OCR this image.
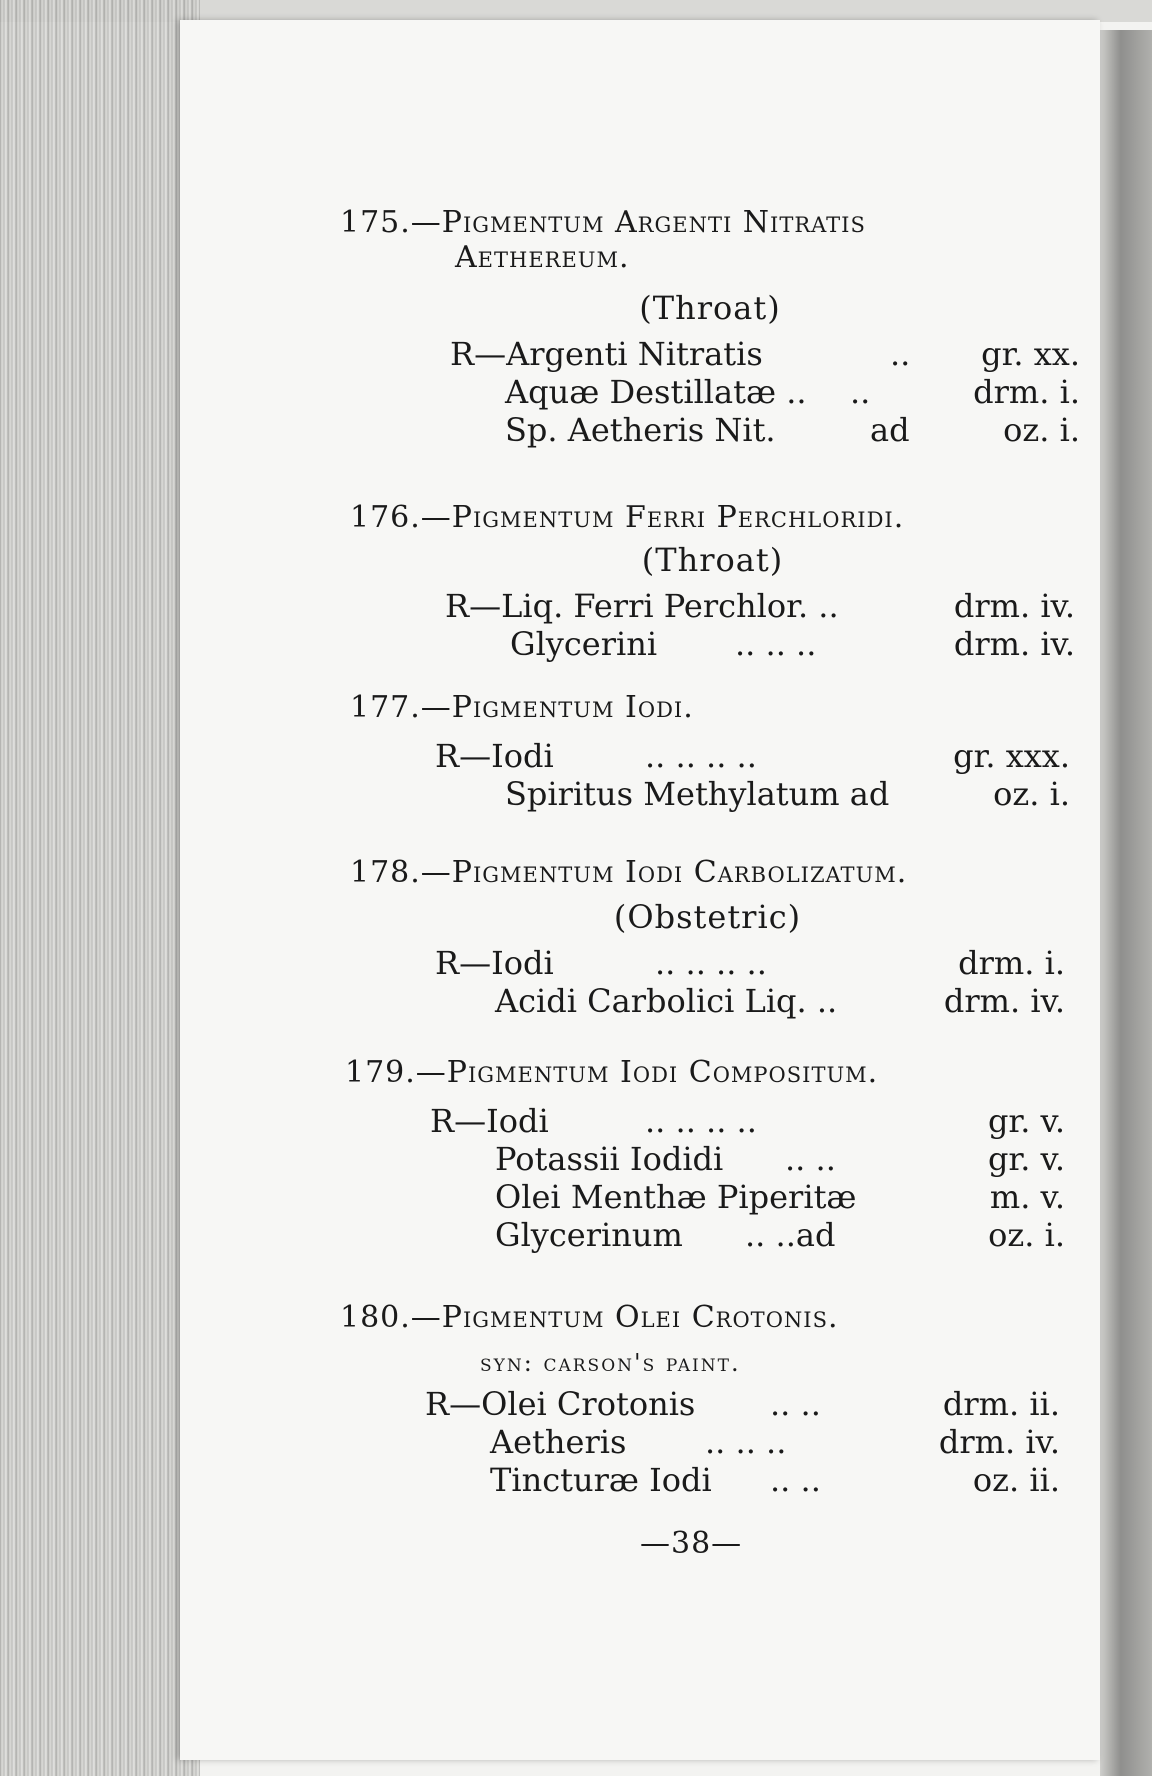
175.—Pigmentum Argenti Nitratis
Aethereum.
(Throat)
R—Argenti Nitratis	.. gr. xx.
Aquæ Destillatæ .. ..	drm. i.
Sp. Aetheris Nit.	ad	oz. i.
176.—Pigmentum Ferri Perchloridi.
(Throat)
R—Liq. Ferri Perchlor. ..	drm. iv.
Glycerini .. .. ..	drm. iv.
177.—Pigmentum Iodi.
R—Iodi	.. .. .. ..	gr. xxx.
Spiritus Methylatum ad	oz. i.
178.—Pigmentum Iodi Carbolizatum.
(Obstetric)
R—Iodi	.. .. .. ..	drm. i.
Acidi Carbolici Liq. ..	drm. iv.
179.—Pigmentum Iodi Compositum.
R—Iodi	.. .. .. ..	gr. v.
Potassii Iodidi .. ..	gr. v.
Olei Menthæ Piperitæ	m. v.
Glycerinum .. ..ad	oz. i.
180.—Pigmentum Olei Crotonis.
syn: carson's paint.
R—Olei Crotonis .. ..	drm. ii.
Aetheris .. .. ..	drm. iv.
Tincturæ Iodi .. ..	oz. ii.
—38—
